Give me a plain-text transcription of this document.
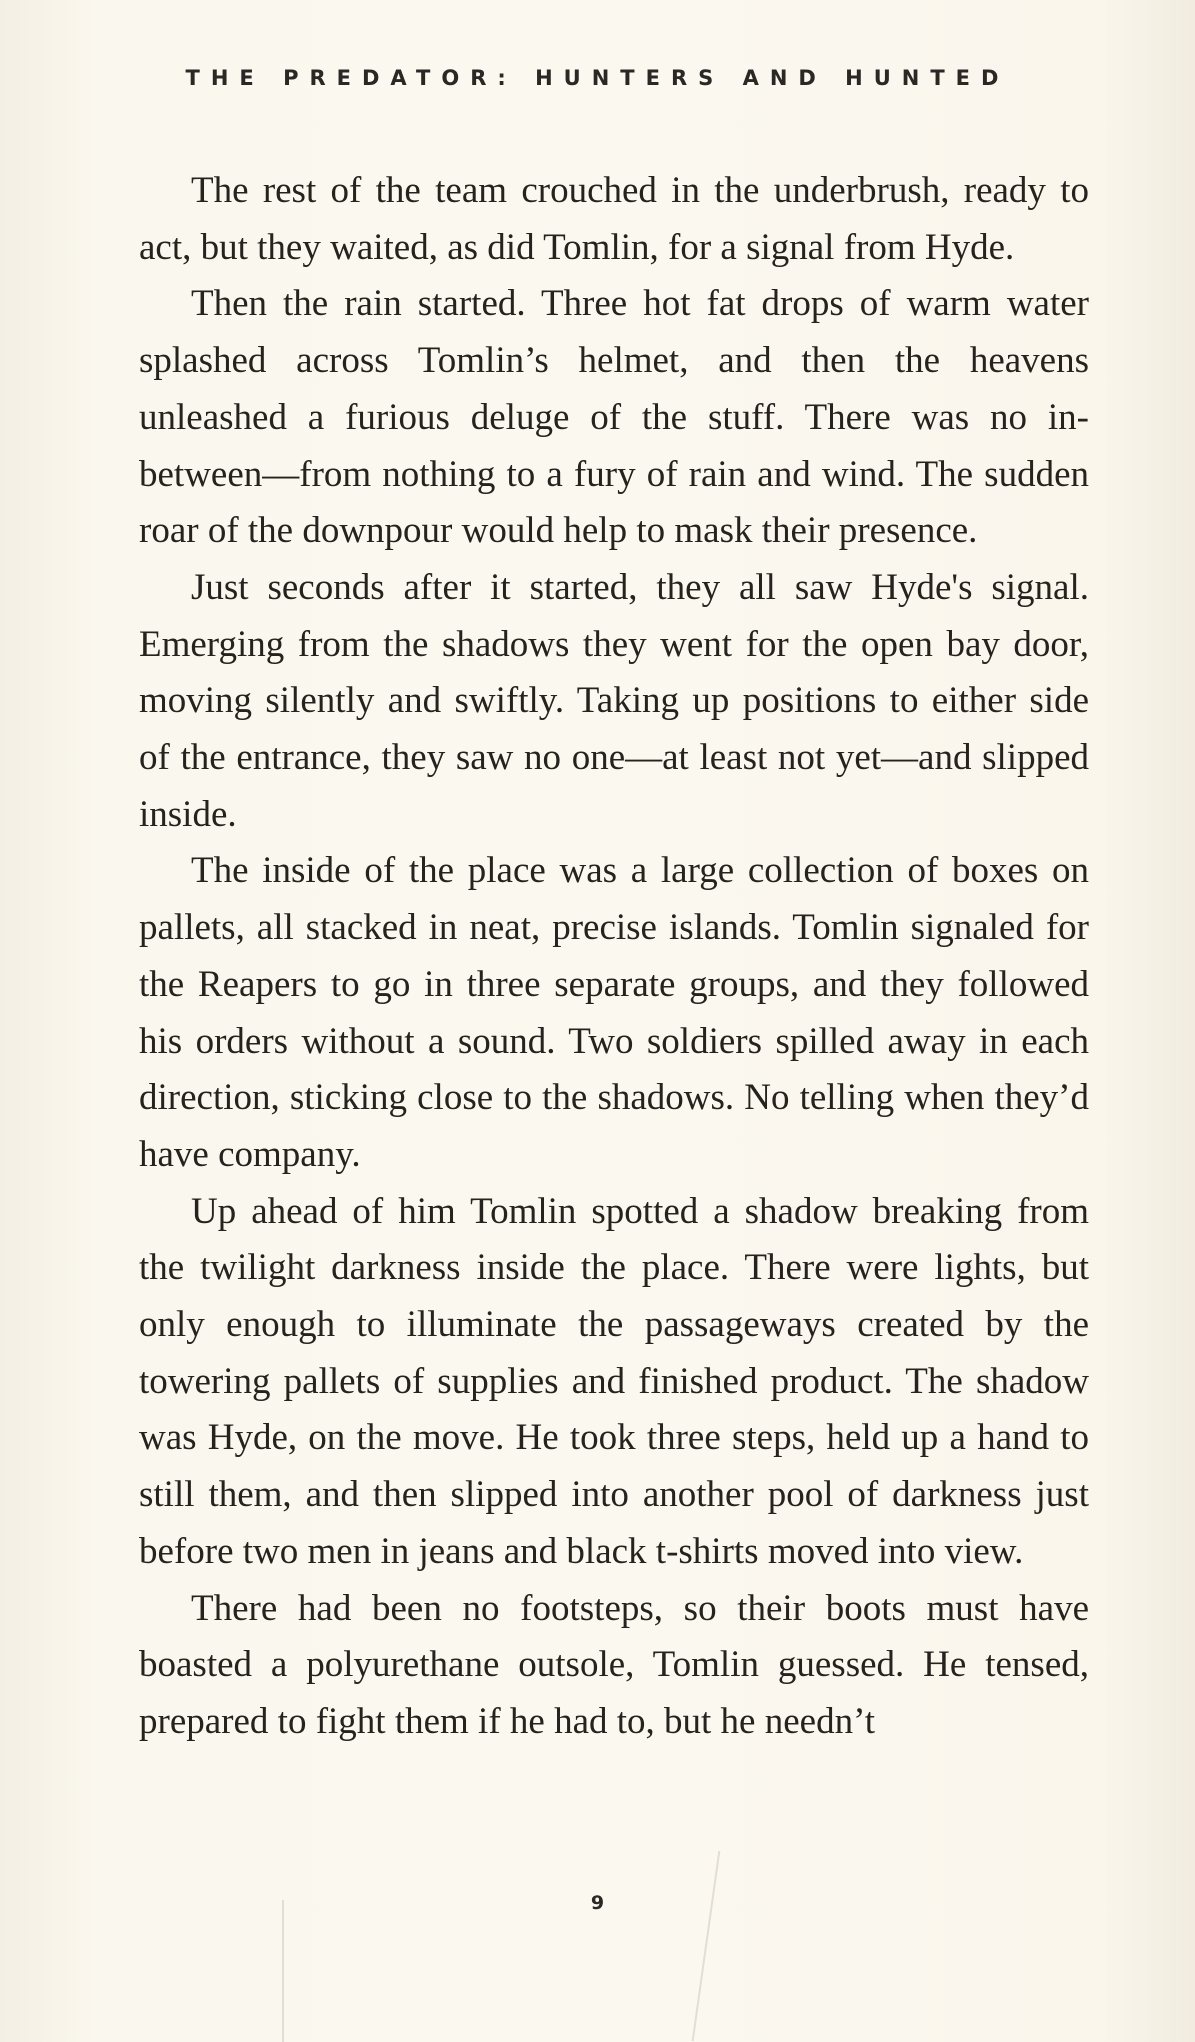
THE PREDATOR: HUNTERS AND HUNTED

The rest of the team crouched in the underbrush, ready to act, but they waited, as did Tomlin, for a signal from Hyde.

Then the rain started. Three hot fat drops of warm water splashed across Tomlin’s helmet, and then the heavens unleashed a furious deluge of the stuff. There was no in-between—from nothing to a fury of rain and wind. The sudden roar of the downpour would help to mask their presence.

Just seconds after it started, they all saw Hyde's signal. Emerging from the shadows they went for the open bay door, moving silently and swiftly. Taking up positions to either side of the entrance, they saw no one—at least not yet—and slipped inside.

The inside of the place was a large collection of boxes on pallets, all stacked in neat, precise islands. Tomlin signaled for the Reapers to go in three separate groups, and they followed his orders without a sound. Two soldiers spilled away in each direction, sticking close to the shadows. No telling when they’d have company.

Up ahead of him Tomlin spotted a shadow breaking from the twilight darkness inside the place. There were lights, but only enough to illuminate the passageways created by the towering pallets of supplies and finished product. The shadow was Hyde, on the move. He took three steps, held up a hand to still them, and then slipped into another pool of darkness just before two men in jeans and black t-shirts moved into view.

There had been no footsteps, so their boots must have boasted a polyurethane outsole, Tomlin guessed. He tensed, prepared to fight them if he had to, but he needn’t

9
